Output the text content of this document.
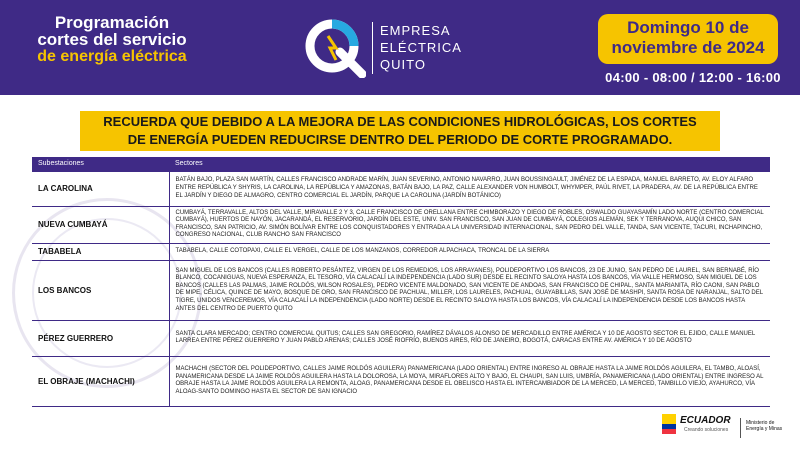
Programación
cortes del servicio
de energía eléctrica
EMPRESA
ELÉCTRICA
QUITO
Domingo 10 de
noviembre de 2024
04:00 - 08:00 / 12:00 - 16:00
RECUERDA QUE DEBIDO A LA MEJORA DE LAS CONDICIONES HIDROLÓGICAS, LOS CORTES
DE ENERGÍA PUEDEN REDUCIRSE DENTRO DEL PERIODO DE CORTE PROGRAMADO.
Subestaciones	Sectores
LA CAROLINA	BATÁN BAJO, PLAZA SAN MARTÍN, CALLES FRANCISCO ANDRADE MARÍN, JUAN SEVERINO, ANTONIO NAVARRO, JUAN BOUSSINGAULT, JIMÉNEZ DE LA ESPADA, MANUEL BARRETO, AV. ELOY ALFARO ENTRE REPÚBLICA Y SHYRIS, LA CAROLINA, LA REPÚBLICA Y AMAZONAS, BATÁN BAJO, LA PAZ, CALLE ALEXANDER VON HUMBOLT, WHYMPER, PAÚL RIVET, LA PRADERA, AV. DE LA REPÚBLICA ENTRE EL JARDÍN Y DIEGO DE ALMAGRO, CENTRO COMERCIAL EL JARDÍN, PARQUE LA CAROLINA (JARDÍN BOTÁNICO)
NUEVA CUMBAYÁ	CUMBAYÁ, TERRAVALLE, ALTOS DEL VALLE, MIRAVALLE 2 Y 3, CALLE FRANCISCO DE ORELLANA ENTRE CHIMBORAZO Y DIEGO DE ROBLES, OSWALDO GUAYASAMÍN LADO NORTE (CENTRO COMERCIAL CUMBAYÁ), HUERTOS DE NAYÓN, JACARANDÁ, EL RESERVORIO, JARDÍN DEL ESTE, UNIV. SAN FRANCISCO, SAN JUAN DE CUMBAYÁ, COLEGIOS ALEMÁN, SEK Y TERRANOVA, AUQUI CHICO, SAN FRANCISCO, SAN PATRICIO, AV. SIMÓN BOLÍVAR ENTRE LOS CONQUISTADORES Y ENTRADA A LA UNIVERSIDAD INTERNACIONAL, SAN PEDRO DEL VALLE, TANDA, SAN VICENTE, TACURI, INCHAPINCHO, CONGRESO NACIONAL, CLUB RANCHO SAN FRANCISCO
TABABELA	TABABELA, CALLE COTOPAXI, CALLE EL VERGEL, CALLE DE LOS MANZANOS, CORREDOR ALPACHACA, TRONCAL DE LA SIERRA
LOS BANCOS	SAN MIGUEL DE LOS BANCOS (CALLES ROBERTO PESÁNTEZ, VIRGEN DE LOS REMEDIOS, LOS ARRAYANES), POLIDEPORTIVO LOS BANCOS, 23 DE JUNIO, SAN PEDRO DE LAUREL, SAN BERNABÉ, RÍO BLANCO, COCANIGUAS, NUEVA ESPERANZA, EL TESORO, VÍA CALACALÍ LA INDEPENDENCIA (LADO SUR) DESDE EL RECINTO SALOYA HASTA LOS BANCOS, VÍA VALLE HERMOSO, SAN MIGUEL DE LOS BANCOS (CALLES LAS PALMAS, JAIME ROLDÓS, WILSON ROSALES), PEDRO VICENTE MALDONADO, SAN VICENTE DE ANDOAS, SAN FRANCISCO DE CHIPAL, SANTA MARIANITA, RÍO CAONI, SAN PABLO DE MIPE, CÉLICA, QUINCE DE MAYO, BOSQUE DE ORO, SAN FRANCISCO DE PACHUAL, MILLER, LOS LAURELES, PACHUAL, GUAYABILLAS, SAN JOSÉ DE MASHPI, SANTA ROSA DE NARANJAL, SALTO DEL TIGRE, UNIDOS VENCEREMOS, VÍA CALACALÍ LA INDEPENDENCIA (LADO NORTE) DESDE EL RECINTO SALOYA HASTA LOS BANCOS, VÍA CALACALÍ LA INDEPENDENCIA DESDE LOS BANCOS HASTA ANTES DEL CENTRO DE PUERTO QUITO
PÉREZ GUERRERO	SANTA CLARA MERCADO; CENTRO COMERCIAL QUITUS; CALLES SAN GREGORIO, RAMÍREZ DÁVALOS ALONSO DE MERCADILLO ENTRE AMÉRICA Y 10 DE AGOSTO SECTOR EL EJIDO, CALLE MANUEL LARREA ENTRE PÉREZ GUERRERO Y JUAN PABLO ARENAS; CALLES JOSÉ RIOFRÍO, BUENOS AIRES, RÍO DE JANEIRO, BOGOTÁ, CARACAS ENTRE AV. AMÉRICA Y 10 DE AGOSTO
EL OBRAJE (MACHACHI)	MACHACHI (SECTOR DEL POLIDEPORTIVO, CALLES JAIME ROLDÓS AGUILERA) PANAMERICANA (LADO ORIENTAL) ENTRE INGRESO AL OBRAJE HASTA LA JAIME ROLDÓS AGUILERA, EL TAMBO, ALOASÍ, PANAMERICANA DESDE LA JAIME ROLDÓS AGUILERA HASTA LA DOLOROSA, LA MOYA, MIRAFLORES ALTO Y BAJO, EL CHAUPI, SAN LUIS, UMBRÍA, PANAMERICANA (LADO ORIENTAL) ENTRE INGRESO AL OBRAJE HASTA LA JAIME ROLDÓS AGUILERA LA REMONTA, ALOAG, PANAMERICANA DESDE EL OBELISCO HASTA EL INTERCAMBIADOR DE LA MERCED, LA MERCED, TAMBILLO VIEJO, AYAHURCO, VÍA ALOAG-SANTO DOMINGO HASTA EL SECTOR DE SAN IGNACIO
ECUADOR
Creando soluciones
Ministerio de
Energía y Minas
